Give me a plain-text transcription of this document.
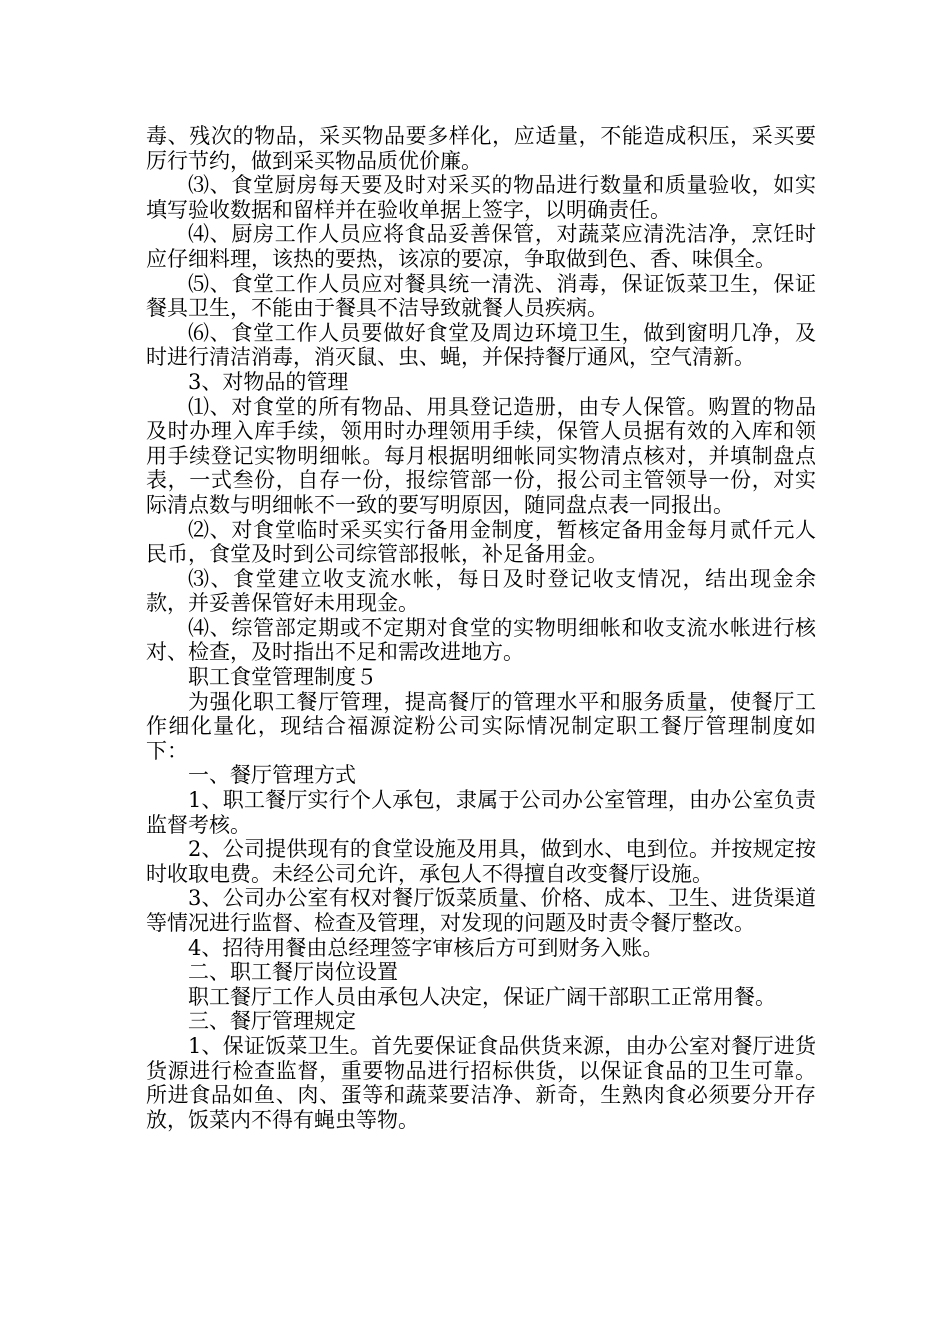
毒、残次的物品，采买物品要多样化，应适量，不能造成积压，采买要厉行节约，做到采买物品质优价廉。

⑶、食堂厨房每天要及时对采买的物品进行数量和质量验收，如实填写验收数据和留样并在验收单据上签字，以明确责任。

⑷、厨房工作人员应将食品妥善保管，对蔬菜应清洗洁净，烹饪时应仔细料理，该热的要热，该凉的要凉，争取做到色、香、味俱全。

⑸、食堂工作人员应对餐具统一清洗、消毒，保证饭菜卫生，保证餐具卫生，不能由于餐具不洁导致就餐人员疾病。

⑹、食堂工作人员要做好食堂及周边环境卫生，做到窗明几净，及时进行清洁消毒，消灭鼠、虫、蝇，并保持餐厅通风，空气清新。

3、对物品的管理

⑴、对食堂的所有物品、用具登记造册，由专人保管。购置的物品及时办理入库手续，领用时办理领用手续，保管人员据有效的入库和领用手续登记实物明细帐。每月根据明细帐同实物清点核对，并填制盘点表，一式叁份，自存一份，报综管部一份，报公司主管领导一份，对实际清点数与明细帐不一致的要写明原因，随同盘点表一同报出。

⑵、对食堂临时采买实行备用金制度，暂核定备用金每月贰仟元人民币，食堂及时到公司综管部报帐，补足备用金。

⑶、食堂建立收支流水帐，每日及时登记收支情况，结出现金余款，并妥善保管好未用现金。

⑷、综管部定期或不定期对食堂的实物明细帐和收支流水帐进行核对、检查，及时指出不足和需改进地方。

职工食堂管理制度５

为强化职工餐厅管理，提高餐厅的管理水平和服务质量，使餐厅工作细化量化，现结合福源淀粉公司实际情况制定职工餐厅管理制度如下：

一、餐厅管理方式

1、职工餐厅实行个人承包，隶属于公司办公室管理，由办公室负责监督考核。

2、公司提供现有的食堂设施及用具，做到水、电到位。并按规定按时收取电费。未经公司允许，承包人不得擅自改变餐厅设施。

3、公司办公室有权对餐厅饭菜质量、价格、成本、卫生、进货渠道等情况进行监督、检查及管理，对发现的问题及时责令餐厅整改。

4、招待用餐由总经理签字审核后方可到财务入账。

二、职工餐厅岗位设置

职工餐厅工作人员由承包人决定，保证广阔干部职工正常用餐。

三、餐厅管理规定

1、保证饭菜卫生。首先要保证食品供货来源，由办公室对餐厅进货货源进行检查监督，重要物品进行招标供货，以保证食品的卫生可靠。所进食品如鱼、肉、蛋等和蔬菜要洁净、新奇，生熟肉食必须要分开存放，饭菜内不得有蝇虫等物。
